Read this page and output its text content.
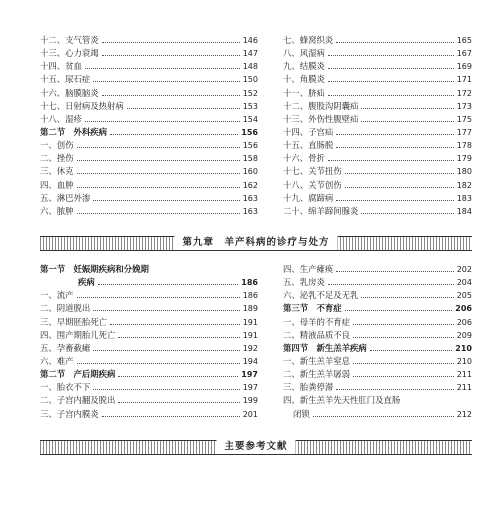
十二、支气管炎	146
十三、心力衰竭	147
十四、贫血	148
十五、尿石症	150
十六、脑膜脑炎	152
十七、日射病及热射病	153
十八、湿疹	154
第二节　外科疾病	156
一、创伤	156
二、挫伤	158
三、休克	160
四、血肿	162
五、淋巴外渗	163
六、脓肿	163
七、蜂窝织炎	165
八、风湿病	167
九、结膜炎	169
十、角膜炎	171
十一、脐疝	172
十二、腹股沟阴囊疝	173
十三、外伤性腹壁疝	175
十四、子宫疝	177
十五、直肠脱	178
十六、骨折	179
十七、关节扭伤	180
十八、关节创伤	182
十九、腐蹄病	183
二十、绵羊蹄间腺炎	184
第九章　羊产科病的诊疗与处方
第一节　妊娠期疾病和分娩期
疾病	186
一、流产	186
二、阴道脱出	189
三、早期胚胎死亡	191
四、围产期胎儿死亡	191
五、孕畜截瘫	192
六、难产	194
第二节　产后期疾病	197
一、胎衣不下	197
二、子宫内翻及脱出	199
三、子宫内膜炎	201
四、生产瘫痪	202
五、乳房炎	204
六、泌乳不足及无乳	205
第三节　不育症	206
一、母羊的不育症	206
二、精液品质不良	209
第四节　新生羔羊疾病	210
一、新生羔羊窒息	210
二、新生羔羊孱弱	211
三、胎粪停滞	211
四、新生羔羊先天性肛门及直肠
闭锁	212
主要参考文献
